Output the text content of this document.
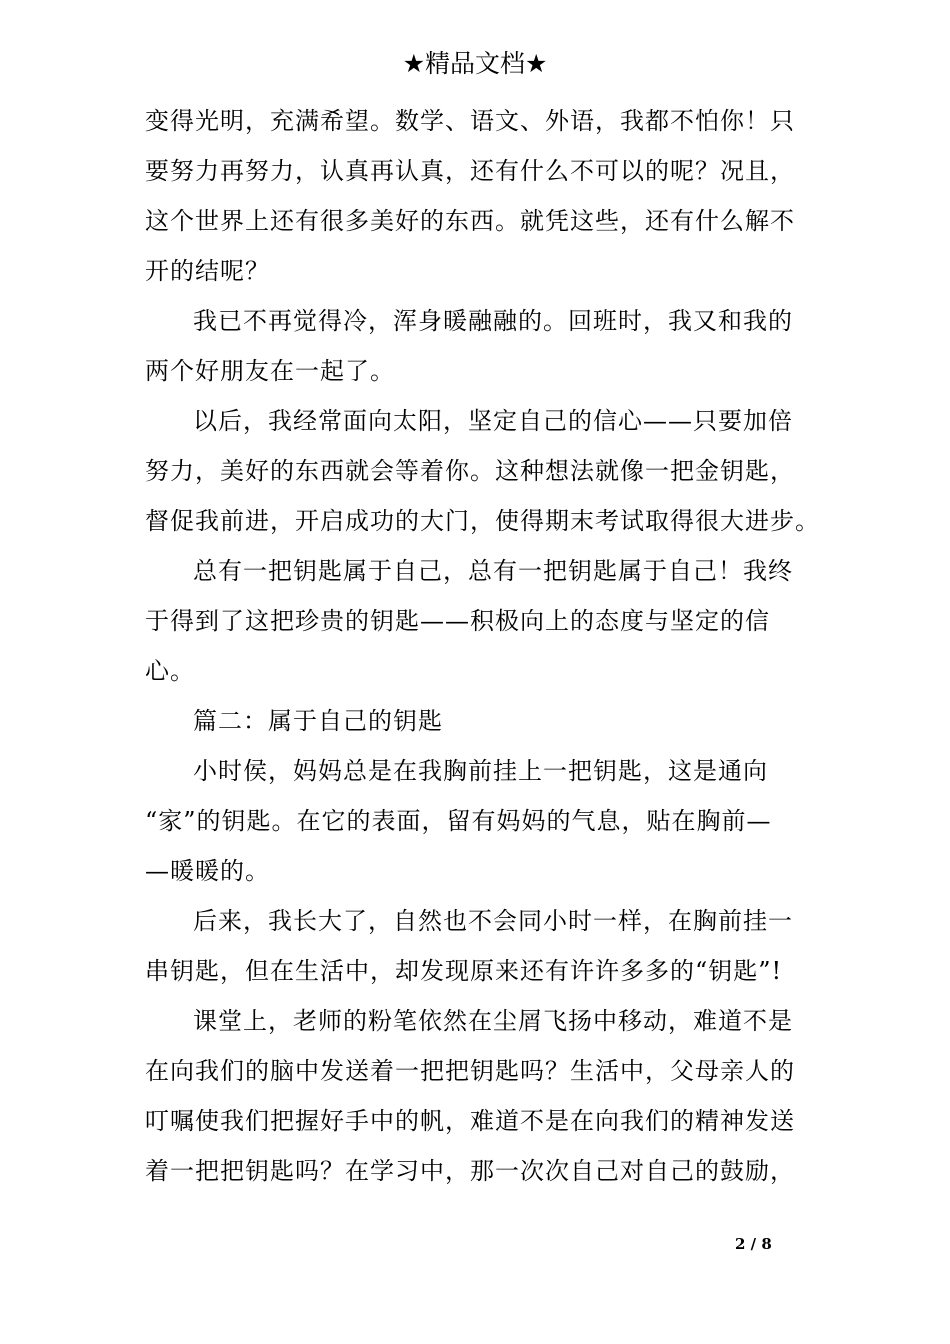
★精品文档★

变得光明，充满希望。数学、语文、外语，我都不怕你！只
要努力再努力，认真再认真，还有什么不可以的呢？况且，
这个世界上还有很多美好的东西。就凭这些，还有什么解不
开的结呢？

我已不再觉得冷，浑身暖融融的。回班时，我又和我的
两个好朋友在一起了。

以后，我经常面向太阳，坚定自己的信心——只要加倍
努力，美好的东西就会等着你。这种想法就像一把金钥匙，
督促我前进，开启成功的大门，使得期末考试取得很大进步。

总有一把钥匙属于自己，总有一把钥匙属于自己！我终
于得到了这把珍贵的钥匙——积极向上的态度与坚定的信
心。

篇二：属于自己的钥匙

小时侯，妈妈总是在我胸前挂上一把钥匙，这是通向
“家”的钥匙。在它的表面，留有妈妈的气息，贴在胸前—
—暖暖的。

后来，我长大了，自然也不会同小时一样，在胸前挂一
串钥匙，但在生活中，却发现原来还有许许多多的“钥匙”!

课堂上，老师的粉笔依然在尘屑飞扬中移动，难道不是
在向我们的脑中发送着一把把钥匙吗？生活中，父母亲人的
叮嘱使我们把握好手中的帆，难道不是在向我们的精神发送
着一把把钥匙吗？在学习中，那一次次自己对自己的鼓励，

2 / 8
